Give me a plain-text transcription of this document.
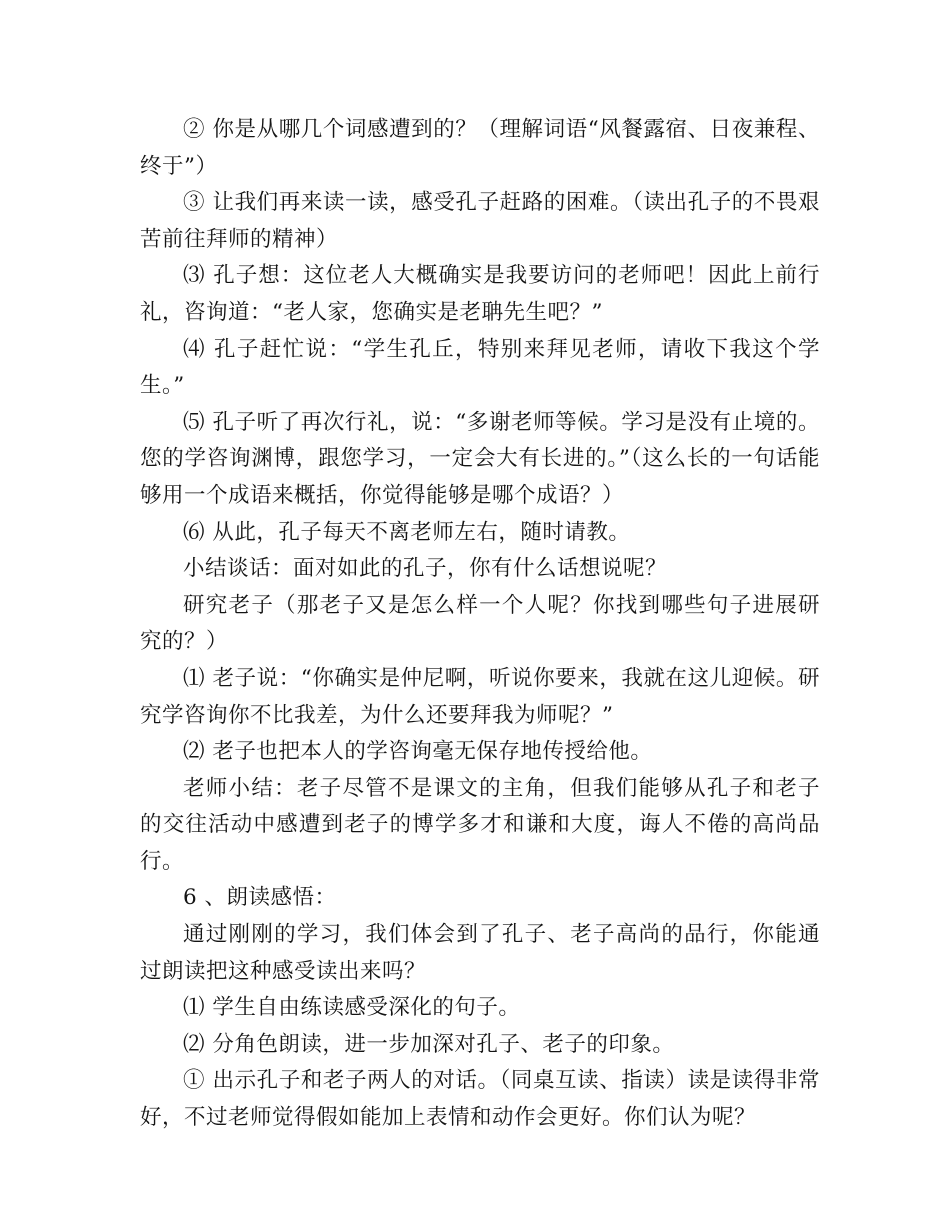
② 你是从哪几个词感遭到的？（理解词语“风餐露宿、日夜兼程、终于”）

③ 让我们再来读一读，感受孔子赶路的困难。（读出孔子的不畏艰苦前往拜师的精神）

⑶ 孔子想：这位老人大概确实是我要访问的老师吧！因此上前行礼，咨询道：“老人家，您确实是老聃先生吧？”

⑷ 孔子赶忙说：“学生孔丘，特别来拜见老师，请收下我这个学生。”

⑸ 孔子听了再次行礼，说：“多谢老师等候。学习是没有止境的。您的学咨询渊博，跟您学习，一定会大有长进的。”（这么长的一句话能够用一个成语来概括，你觉得能够是哪个成语？）

⑹ 从此，孔子每天不离老师左右，随时请教。

小结谈话：面对如此的孔子，你有什么话想说呢？

研究老子（那老子又是怎么样一个人呢？你找到哪些句子进展研究的？）

⑴ 老子说：“你确实是仲尼啊，听说你要来，我就在这儿迎候。研究学咨询你不比我差，为什么还要拜我为师呢？”

⑵ 老子也把本人的学咨询毫无保存地传授给他。

老师小结：老子尽管不是课文的主角，但我们能够从孔子和老子的交往活动中感遭到老子的博学多才和谦和大度，诲人不倦的高尚品行。

6 、朗读感悟：

通过刚刚的学习，我们体会到了孔子、老子高尚的品行，你能通过朗读把这种感受读出来吗？

⑴ 学生自由练读感受深化的句子。

⑵ 分角色朗读，进一步加深对孔子、老子的印象。

① 出示孔子和老子两人的对话。（同桌互读、指读）读是读得非常好，不过老师觉得假如能加上表情和动作会更好。你们认为呢？
